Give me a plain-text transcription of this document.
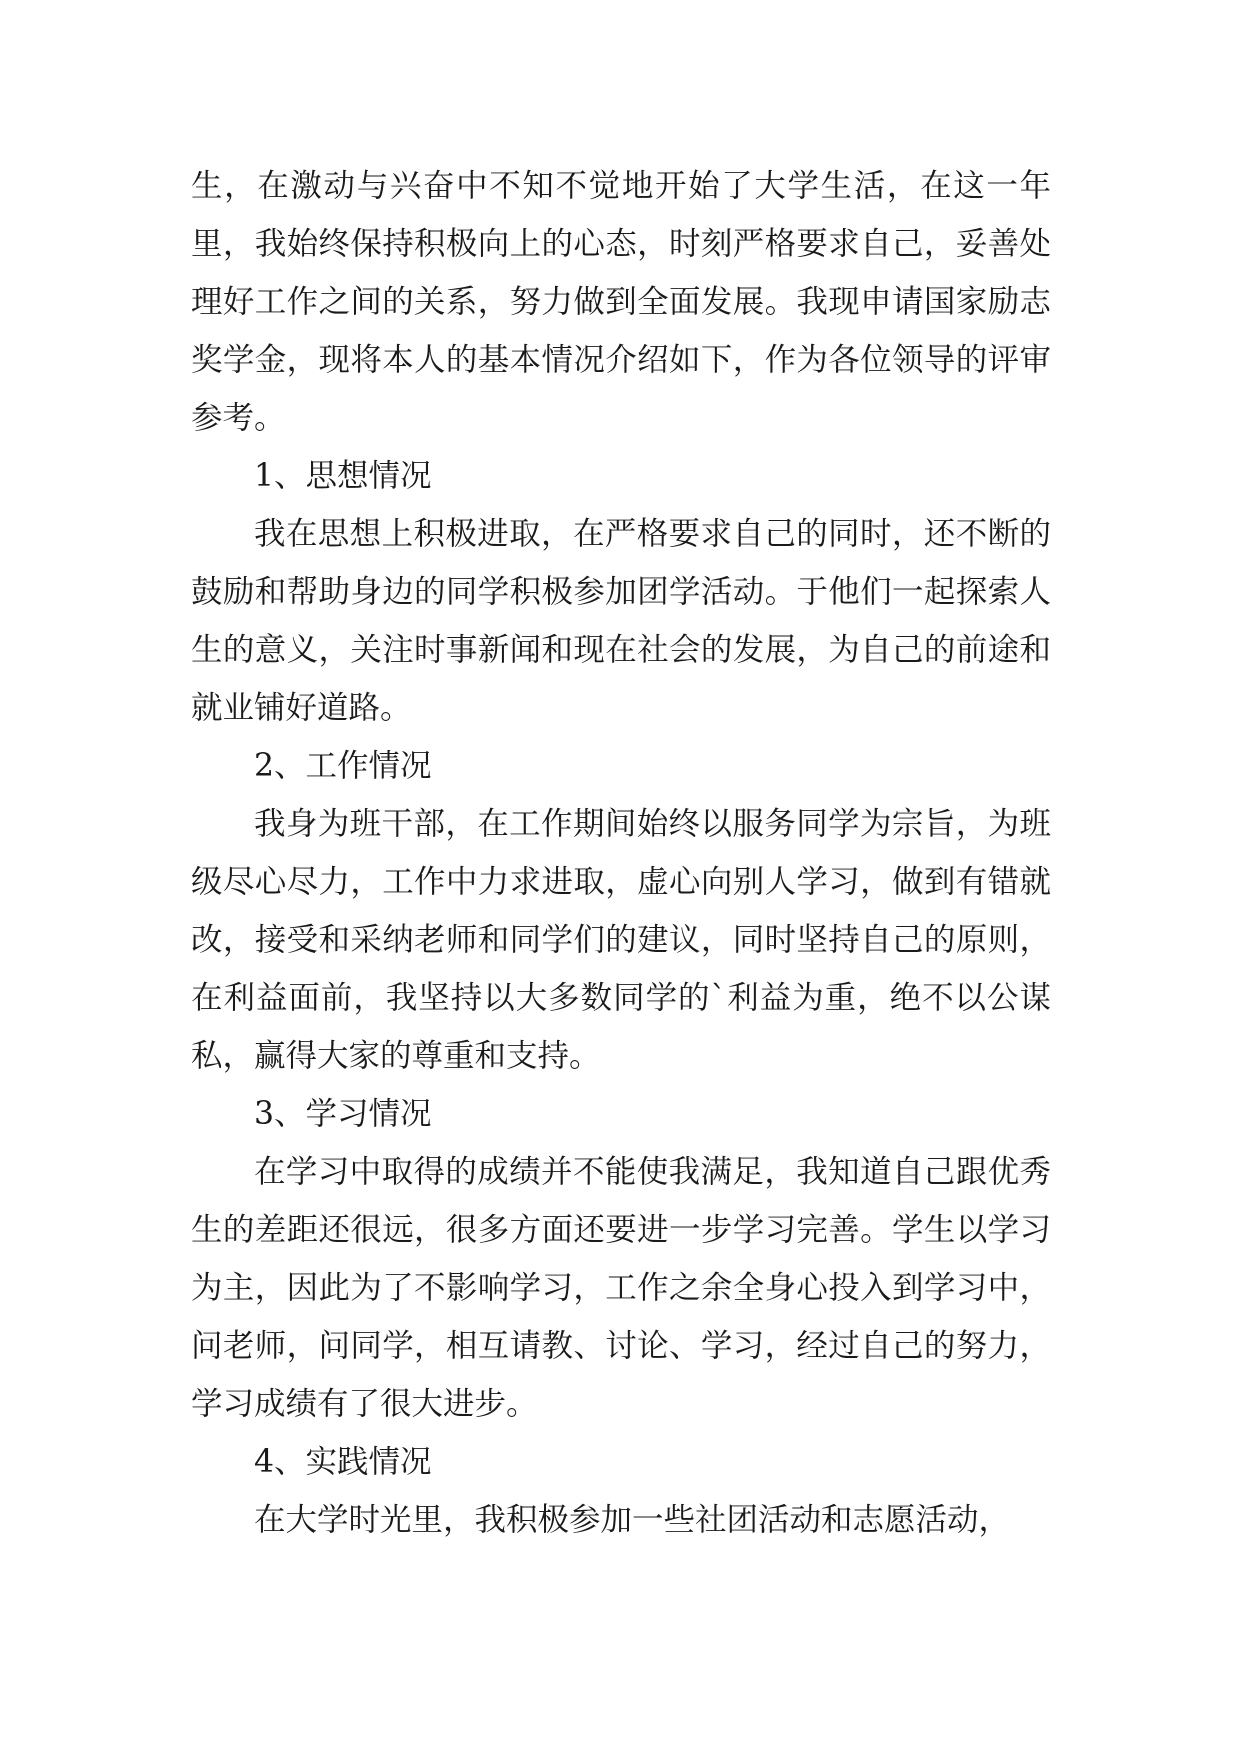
生，在激动与兴奋中不知不觉地开始了大学生活，在这一年里，我始终保持积极向上的心态，时刻严格要求自己，妥善处理好工作之间的关系，努力做到全面发展。我现申请国家励志奖学金，现将本人的基本情况介绍如下，作为各位领导的评审参考。

1、思想情况

我在思想上积极进取，在严格要求自己的同时，还不断的鼓励和帮助身边的同学积极参加团学活动。于他们一起探索人生的意义，关注时事新闻和现在社会的发展，为自己的前途和就业铺好道路。

2、工作情况

我身为班干部，在工作期间始终以服务同学为宗旨，为班级尽心尽力，工作中力求进取，虚心向别人学习，做到有错就改，接受和采纳老师和同学们的建议，同时坚持自己的原则，在利益面前，我坚持以大多数同学的`利益为重，绝不以公谋私，赢得大家的尊重和支持。

3、学习情况

在学习中取得的成绩并不能使我满足，我知道自己跟优秀生的差距还很远，很多方面还要进一步学习完善。学生以学习为主，因此为了不影响学习，工作之余全身心投入到学习中，问老师，问同学，相互请教、讨论、学习，经过自己的努力，学习成绩有了很大进步。

4、实践情况

在大学时光里，我积极参加一些社团活动和志愿活动，
